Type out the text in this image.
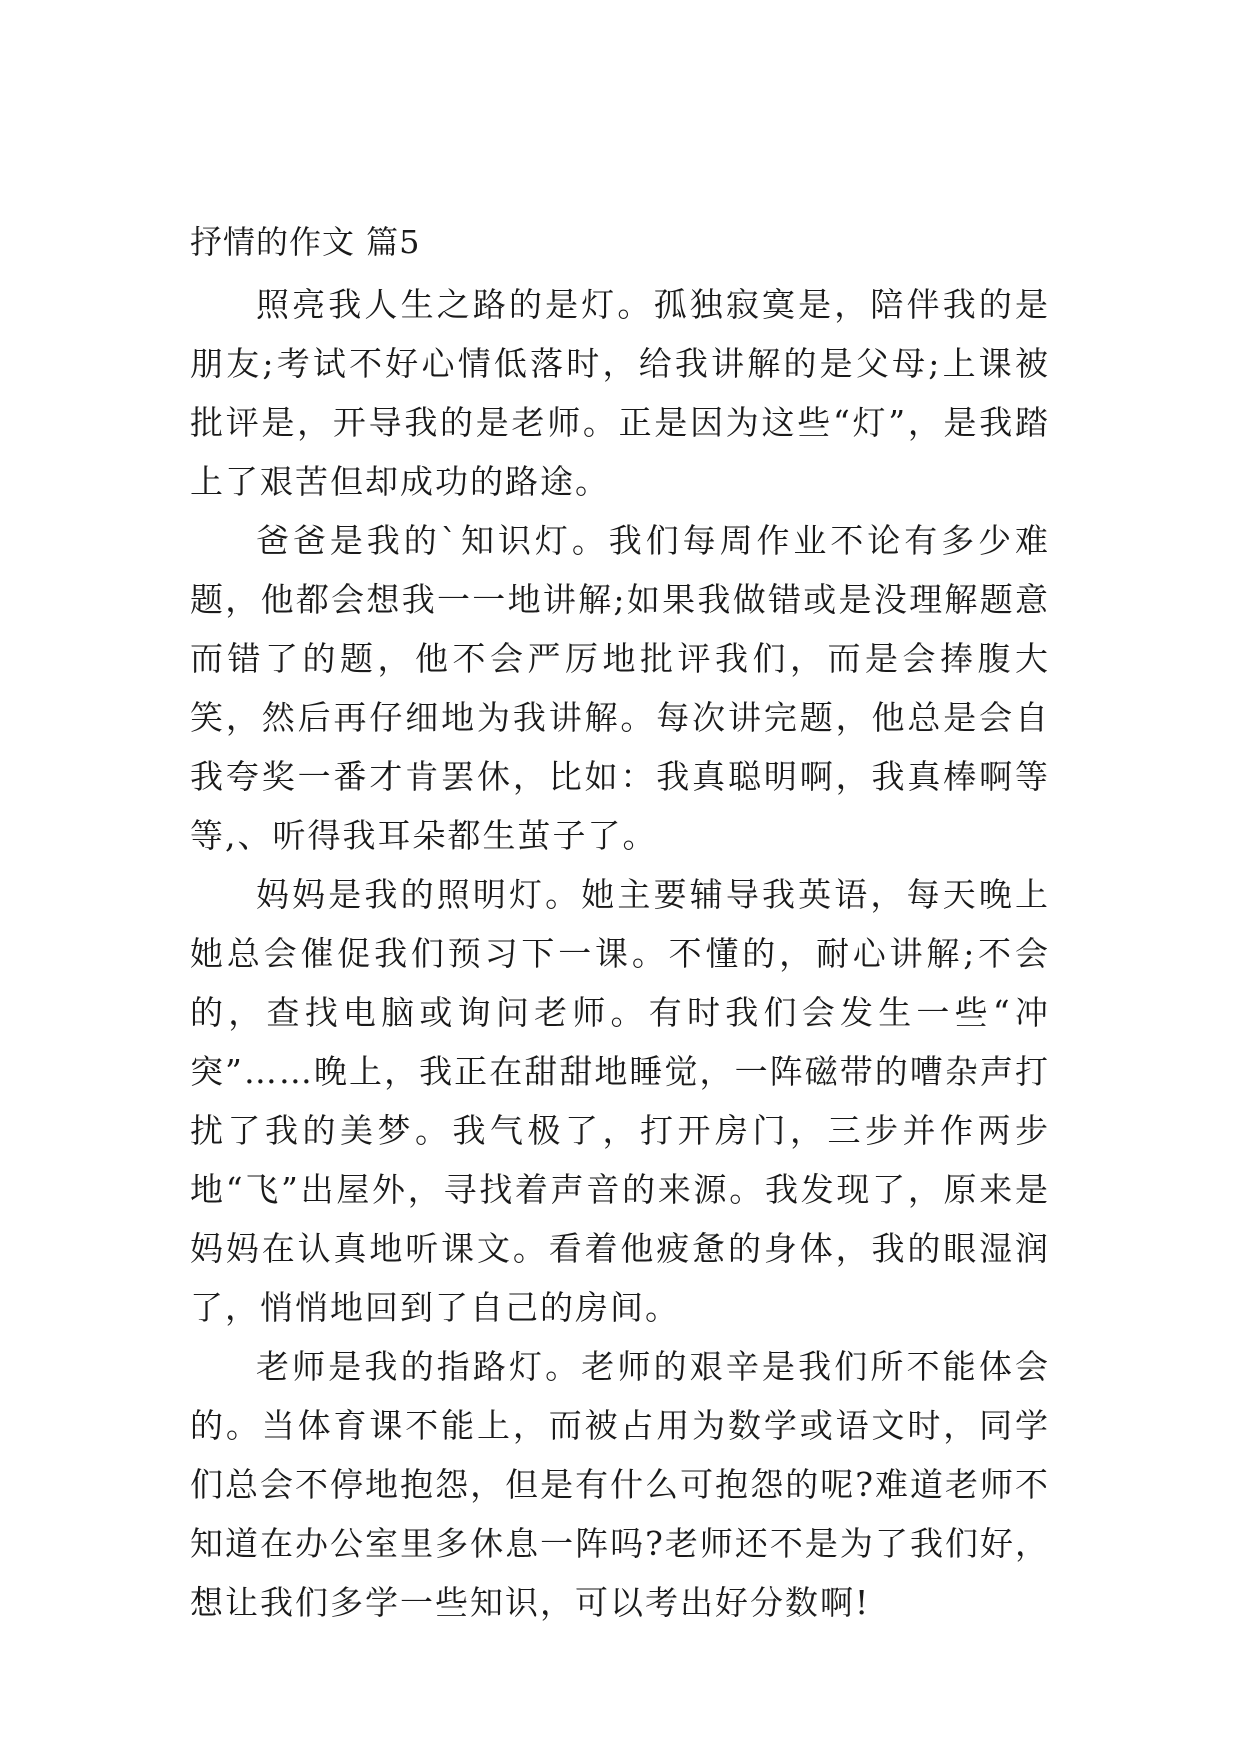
抒情的作文 篇5

照亮我人生之路的是灯。孤独寂寞是，陪伴我的是朋友;考试不好心情低落时，给我讲解的是父母;上课被批评是，开导我的是老师。正是因为这些“灯”，是我踏上了艰苦但却成功的路途。

爸爸是我的`知识灯。我们每周作业不论有多少难题，他都会想我一一地讲解;如果我做错或是没理解题意而错了的题，他不会严厉地批评我们，而是会捧腹大笑，然后再仔细地为我讲解。每次讲完题，他总是会自我夸奖一番才肯罢休，比如：我真聪明啊，我真棒啊等等,、听得我耳朵都生茧子了。

妈妈是我的照明灯。她主要辅导我英语，每天晚上她总会催促我们预习下一课。不懂的，耐心讲解;不会的，查找电脑或询问老师。有时我们会发生一些“冲突”……晚上，我正在甜甜地睡觉，一阵磁带的嘈杂声打扰了我的美梦。我气极了，打开房门，三步并作两步地“飞”出屋外，寻找着声音的来源。我发现了，原来是妈妈在认真地听课文。看着他疲惫的身体，我的眼湿润了，悄悄地回到了自己的房间。

老师是我的指路灯。老师的艰辛是我们所不能体会的。当体育课不能上，而被占用为数学或语文时，同学们总会不停地抱怨，但是有什么可抱怨的呢?难道老师不知道在办公室里多休息一阵吗?老师还不是为了我们好，想让我们多学一些知识，可以考出好分数啊!
